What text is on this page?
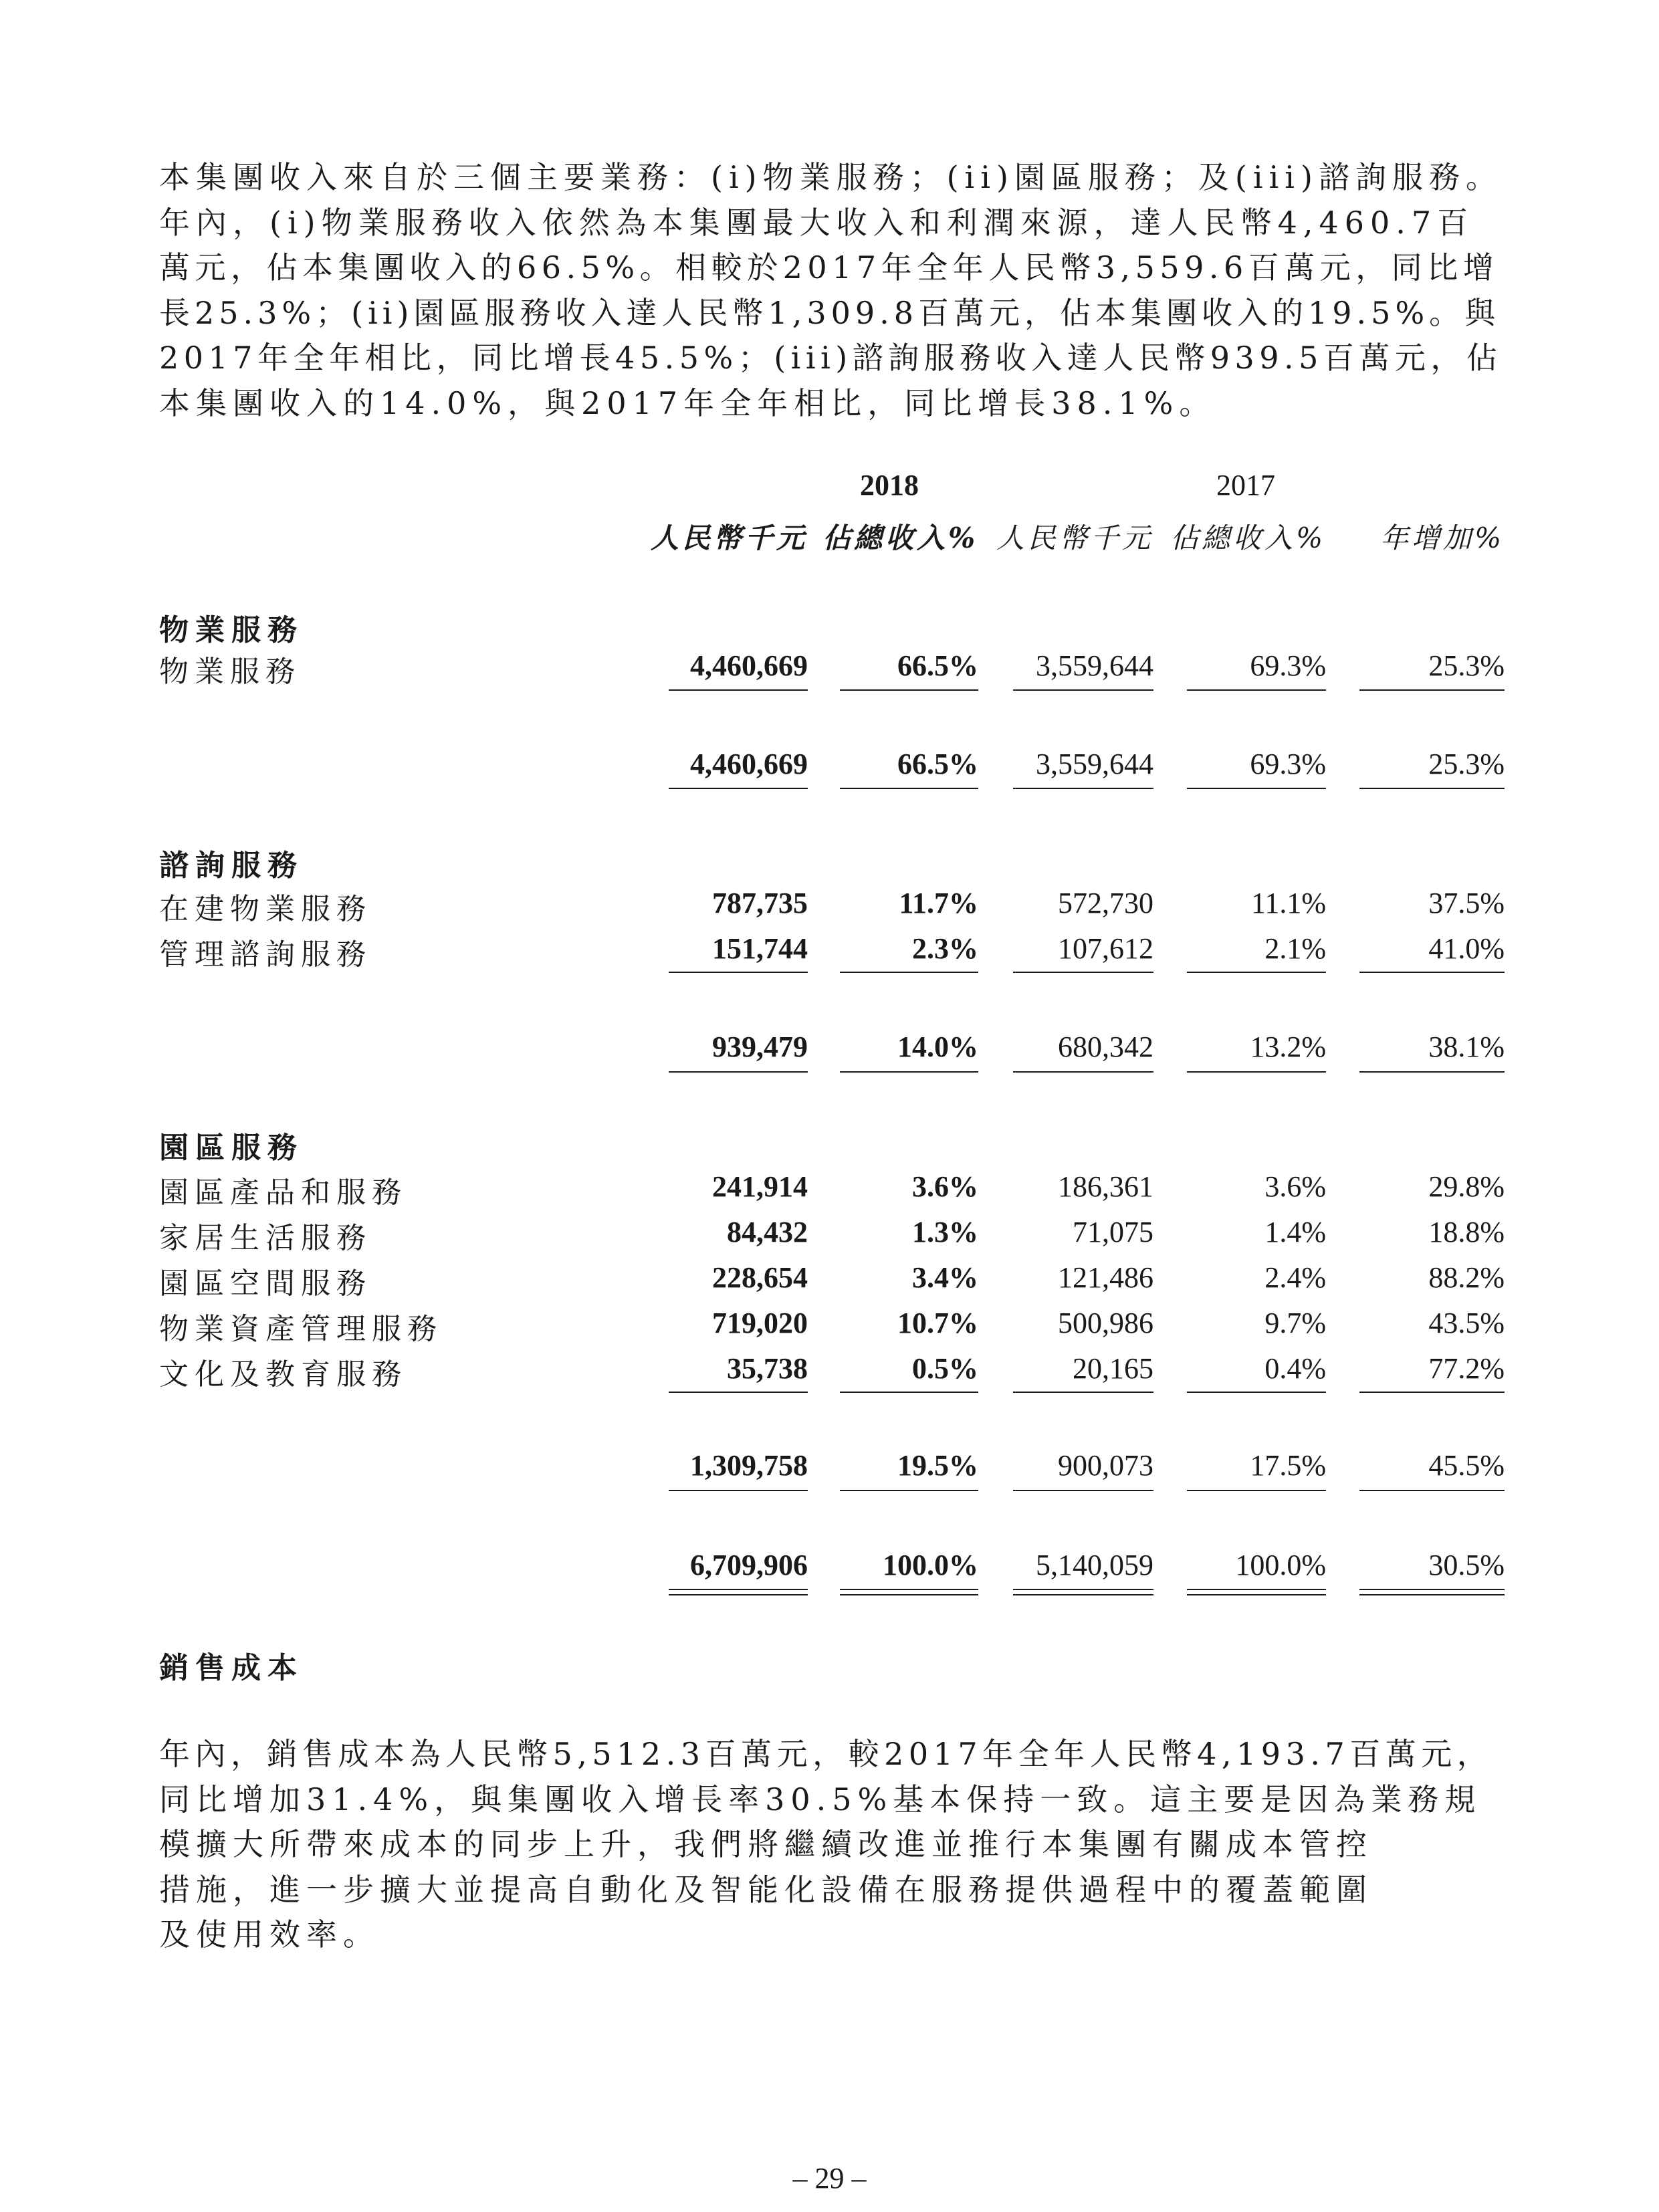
本集團收入來自於三個主要業務：(i)物業服務；(ii)園區服務；及(iii)諮詢服務。
年內，(i)物業服務收入依然為本集團最大收入和利潤來源，達人民幣4,460.7百
萬元，佔本集團收入的66.5%。相較於2017年全年人民幣3,559.6百萬元，同比增
長25.3%；(ii)園區服務收入達人民幣1,309.8百萬元，佔本集團收入的19.5%。與
2017年全年相比，同比增長45.5%；(iii)諮詢服務收入達人民幣939.5百萬元，佔
本集團收入的14.0%，與2017年全年相比，同比增長38.1%。
2018	2017
人民幣千元 佔總收入% 人民幣千元 佔總收入%	年增加%
物業服務
物業服務	4,460,669	66.5%	3,559,644	69.3%	25.3%
4,460,669	66.5%	3,559,644	69.3%	25.3%
諮詢服務
在建物業服務	787,735	11.7%	572,730	11.1%	37.5%
管理諮詢服務	151,744	2.3%	107,612	2.1%	41.0%
939,479	14.0%	680,342	13.2%	38.1%
園區服務
園區產品和服務	241,914	3.6%	186,361	3.6%	29.8%
家居生活服務	84,432	1.3%	71,075	1.4%	18.8%
園區空間服務	228,654	3.4%	121,486	2.4%	88.2%
物業資產管理服務	719,020	10.7%	500,986	9.7%	43.5%
文化及教育服務	35,738	0.5%	20,165	0.4%	77.2%
1,309,758	19.5%	900,073	17.5%	45.5%
6,709,906	100.0%	5,140,059	100.0%	30.5%
銷售成本
年內，銷售成本為人民幣5,512.3百萬元，較2017年全年人民幣4,193.7百萬元，
同比增加31.4%，與集團收入增長率30.5%基本保持一致。這主要是因為業務規
模擴大所帶來成本的同步上升，我們將繼續改進並推行本集團有關成本管控
措施，進一步擴大並提高自動化及智能化設備在服務提供過程中的覆蓋範圍
及使用效率。
– 29 –
